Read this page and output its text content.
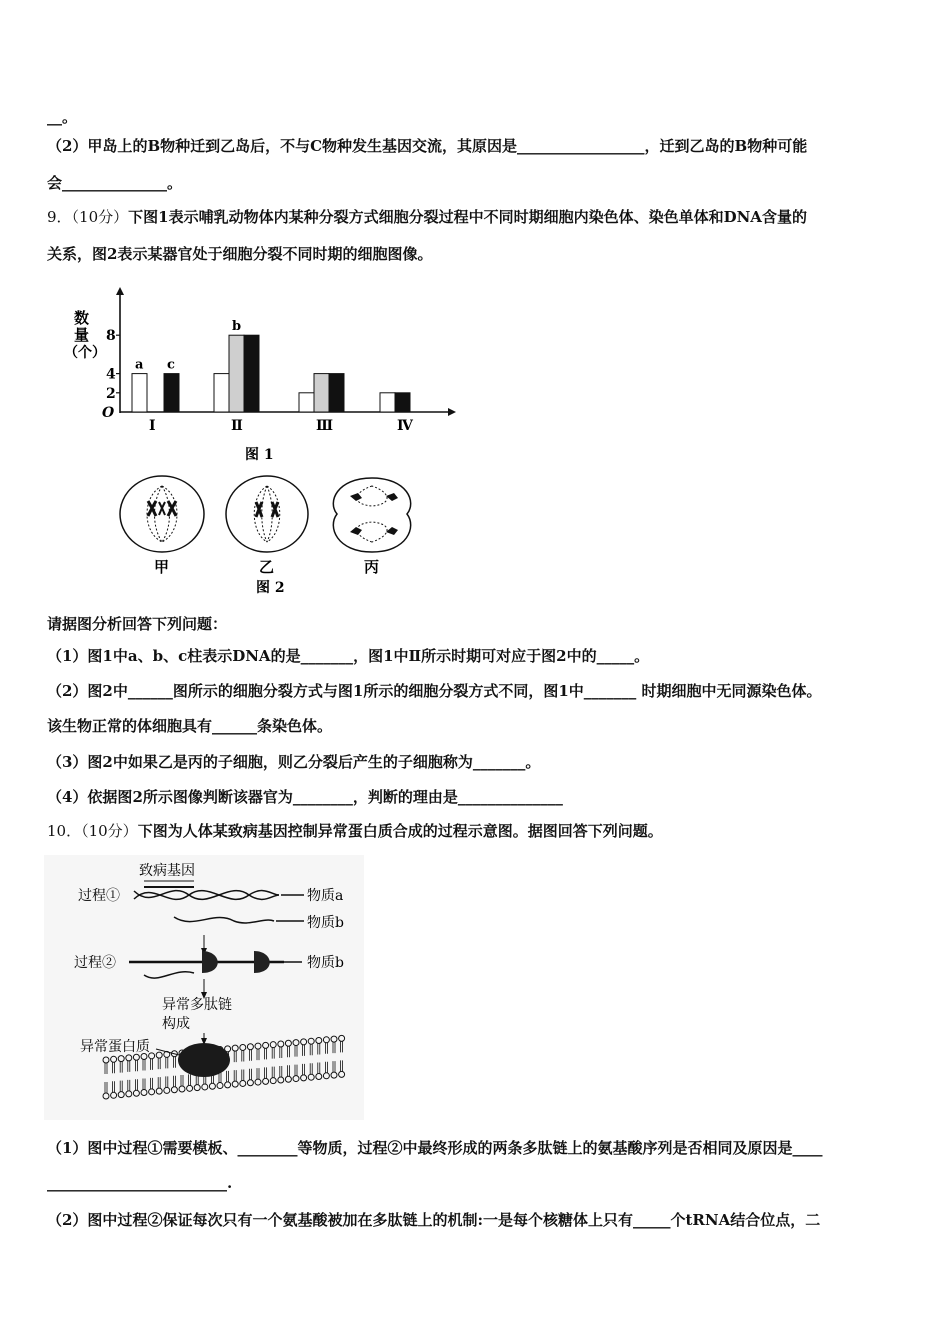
__。
（2）甲岛上的B物种迁到乙岛后，不与C物种发生基因交流，其原因是_________________，迁到乙岛的B物种可能
会______________。
9．（10分）下图1表示哺乳动物体内某种分裂方式细胞分裂过程中不同时期细胞内染色体、染色单体和DNA含量的
关系，图2表示某器官处于细胞分裂不同时期的细胞图像。
数
量
（个）
O
2
4
8
a c
Ⅰ
b
Ⅱ	Ⅲ	Ⅳ
图 1
甲	乙	丙
图 2
请据图分析回答下列问题：
（1）图1中a、b、c柱表示DNA的是_______，图1中Ⅱ所示时期可对应于图2中的_____。
（2）图2中______图所示的细胞分裂方式与图1所示的细胞分裂方式不同，图1中_______ 时期细胞中无同源染色体。
该生物正常的体细胞具有______条染色体。
（3）图2中如果乙是丙的子细胞，则乙分裂后产生的子细胞称为_______。
（4）依据图2所示图像判断该器官为________，判断的理由是______________
10．（10分）下图为人体某致病基因控制异常蛋白质合成的过程示意图。据图回答下列问题。
致病基因
过程①	物质a
物质b
过程②	物质b
异常多肽链
构成
异常蛋白质
（1）图中过程①需要模板、________等物质，过程②中最终形成的两条多肽链上的氨基酸序列是否相同及原因是____
________________________.
（2）图中过程②保证每次只有一个氨基酸被加在多肽链上的机制:一是每个核糖体上只有_____个tRNA结合位点，二
